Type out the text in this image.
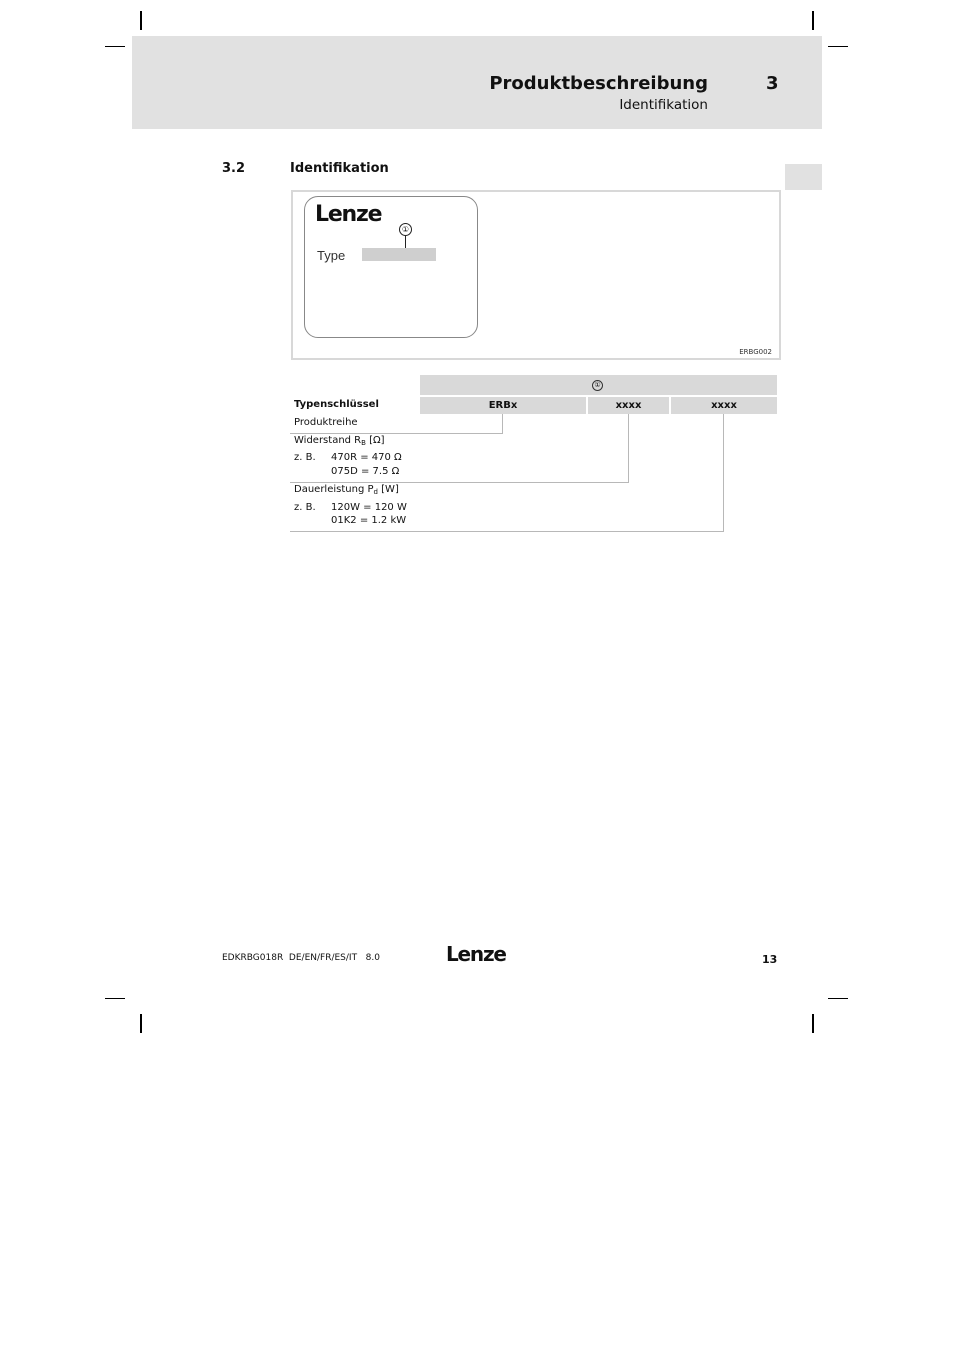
Produktbeschreibung	3
Identifikation
3.2	Identifikation
Lenze
①
Type
ERBG002
①
Typenschlüssel	ERBx	xxxx	xxxx
Produktreihe
Widerstand $R_B$ [Ω]
z. B. 470R = 470 Ω
075D = 7.5 Ω
Dauerleistung $P_d$ [W]
z. B. 120W = 120 W
01K2 = 1.2 kW
EDKRBG018R  DE/EN/FR/ES/IT   8.0	Lenze	13
